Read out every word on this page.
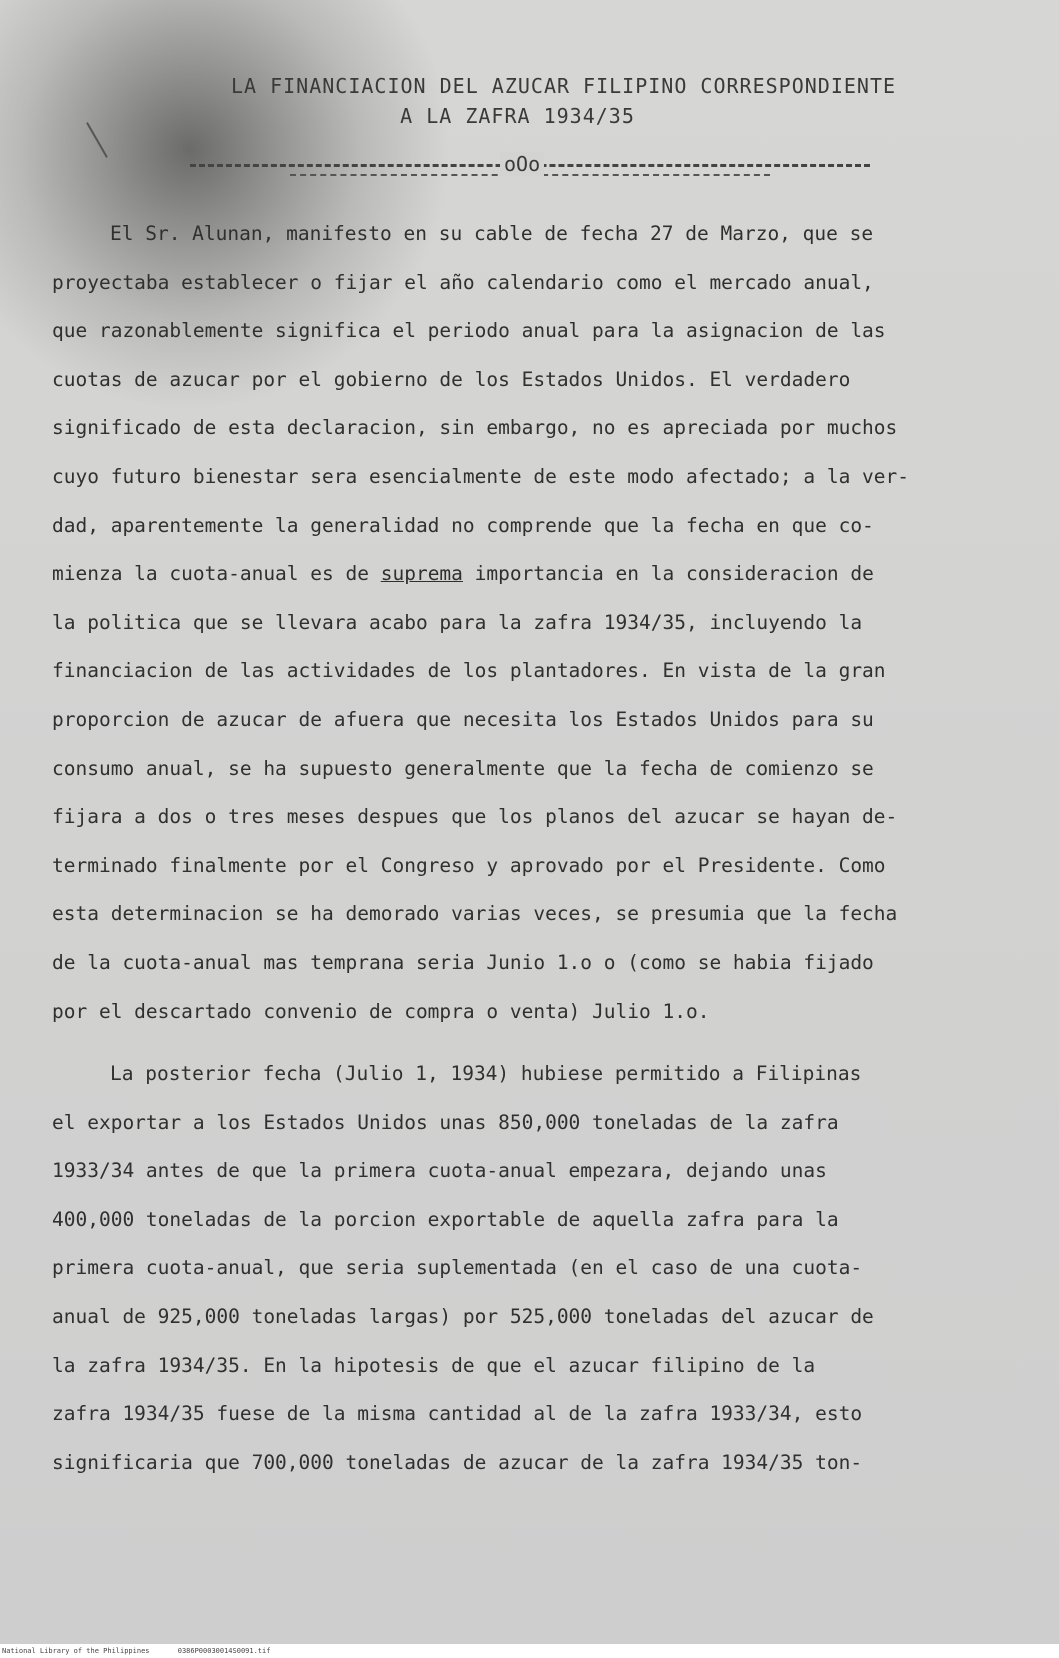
LA FINANCIACION DEL AZUCAR FILIPINO CORRESPONDIENTE
A LA ZAFRA 1934/35
oOo
El Sr. Alunan, manifesto en su cable de fecha 27 de Marzo, que se
proyectaba establecer o fijar el año calendario como el mercado anual,
que razonablemente significa el periodo anual para la asignacion de las
cuotas de azucar por el gobierno de los Estados Unidos. El verdadero
significado de esta declaracion, sin embargo, no es apreciada por muchos
cuyo futuro bienestar sera esencialmente de este modo afectado; a la ver-
dad, aparentemente la generalidad no comprende que la fecha en que co-
mienza la cuota-anual es de suprema importancia en la consideracion de
la politica que se llevara acabo para la zafra 1934/35, incluyendo la
financiacion de las actividades de los plantadores. En vista de la gran
proporcion de azucar de afuera que necesita los Estados Unidos para su
consumo anual, se ha supuesto generalmente que la fecha de comienzo se
fijara a dos o tres meses despues que los planos del azucar se hayan de-
terminado finalmente por el Congreso y aprovado por el Presidente. Como
esta determinacion se ha demorado varias veces, se presumia que la fecha
de la cuota-anual mas temprana seria Junio 1.o o (como se habia fijado
por el descartado convenio de compra o venta) Julio 1.o.
La posterior fecha (Julio 1, 1934) hubiese permitido a Filipinas
el exportar a los Estados Unidos unas 850,000 toneladas de la zafra
1933/34 antes de que la primera cuota-anual empezara, dejando unas
400,000 toneladas de la porcion exportable de aquella zafra para la
primera cuota-anual, que seria suplementada (en el caso de una cuota-
anual de 925,000 toneladas largas) por 525,000 toneladas del azucar de
la zafra 1934/35. En la hipotesis de que el azucar filipino de la
zafra 1934/35 fuese de la misma cantidad al de la zafra 1933/34, esto
significaria que 700,000 toneladas de azucar de la zafra 1934/35 ton-
National Library of the Philippines	0386P00030014S0091.tif
